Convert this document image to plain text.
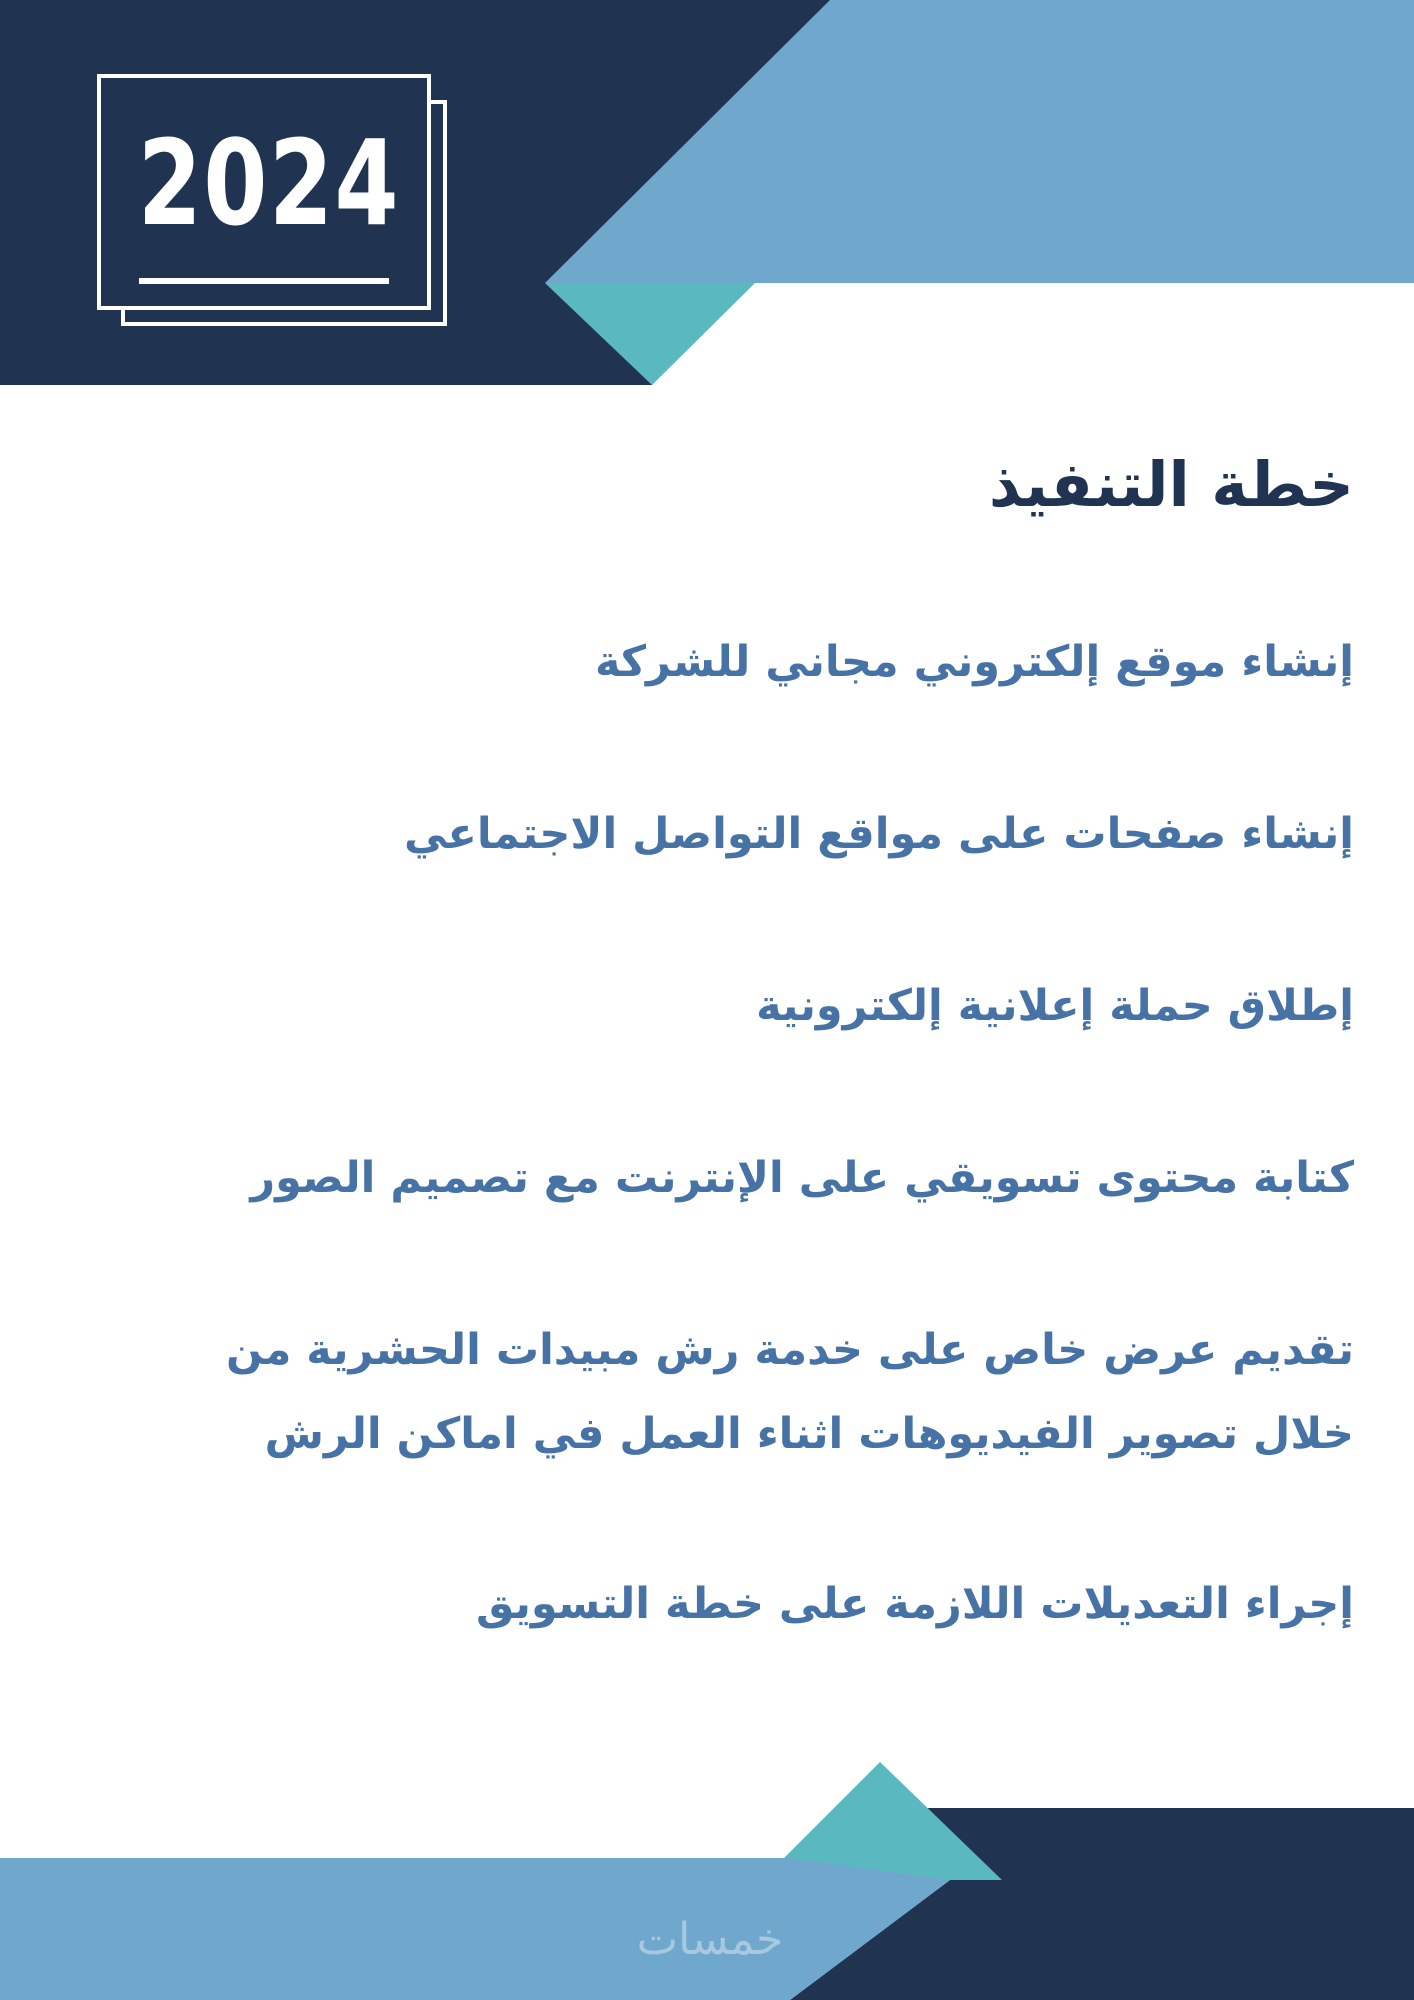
2024
خطة التنفيذ
إنشاء موقع إلكتروني مجاني للشركة
إنشاء صفحات على مواقع التواصل الاجتماعي
إطلاق حملة إعلانية إلكترونية
كتابة محتوى تسويقي على الإنترنت مع تصميم الصور
تقديم عرض خاص على خدمة رش مبيدات الحشرية من خلال تصوير الفيديوهات اثناء العمل في اماكن الرش
إجراء التعديلات اللازمة على خطة التسويق
خمسات
